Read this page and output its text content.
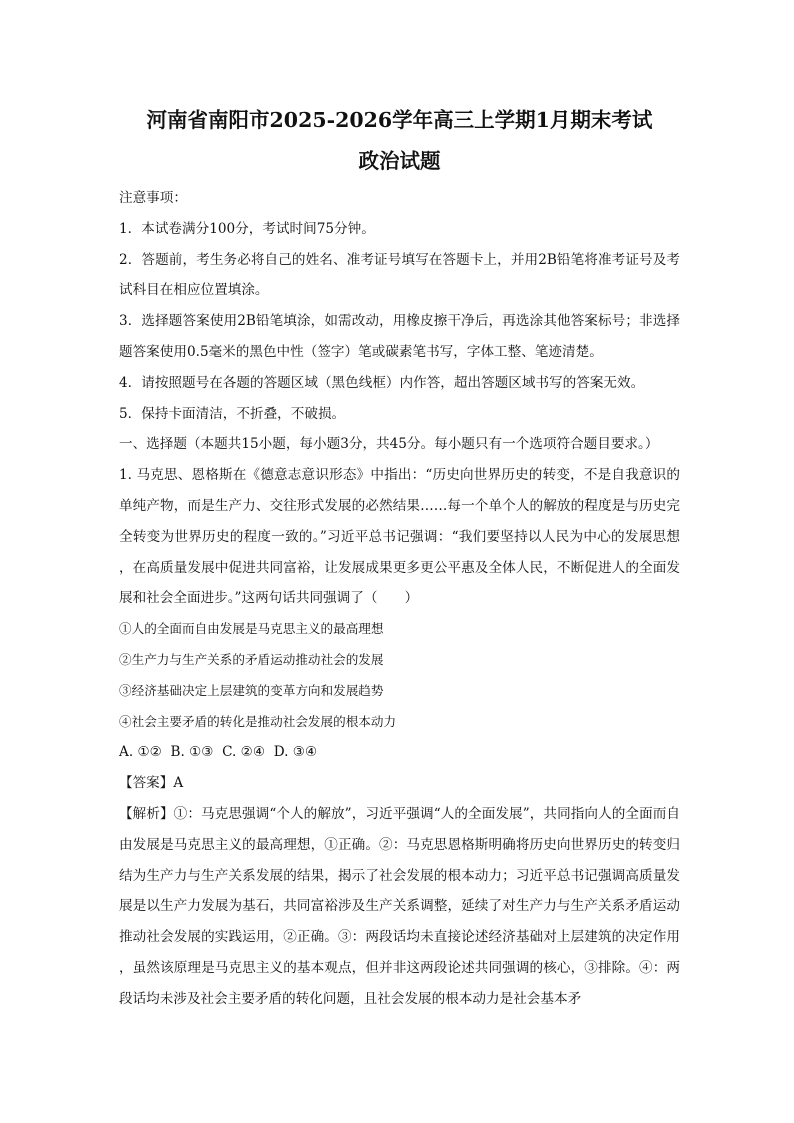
河南省南阳市2025-2026学年高三上学期1月期末考试
政治试题

注意事项：

1．本试卷满分100分，考试时间75分钟。

2．答题前，考生务必将自己的姓名、准考证号填写在答题卡上，并用2B铅笔将准考证号及考试科目在相应位置填涂。

3．选择题答案使用2B铅笔填涂，如需改动，用橡皮擦干净后，再选涂其他答案标号；非选择题答案使用0.5毫米的黑色中性（签字）笔或碳素笔书写，字体工整、笔迹清楚。

4．请按照题号在各题的答题区域（黑色线框）内作答，超出答题区域书写的答案无效。

5．保持卡面清洁，不折叠，不破损。

一、选择题（本题共15小题，每小题3分，共45分。每小题只有一个选项符合题目要求。）

1. 马克思、恩格斯在《德意志意识形态》中指出：“历史向世界历史的转变，不是自我意识的单纯产物，而是生产力、交往形式发展的必然结果……每一个单个人的解放的程度是与历史完全转变为世界历史的程度一致的。”习近平总书记强调：“我们要坚持以人民为中心的发展思想，在高质量发展中促进共同富裕，让发展成果更多更公平惠及全体人民，不断促进人的全面发展和社会全面进步。”这两句话共同强调了（　　）

①人的全面而自由发展是马克思主义的最高理想

②生产力与生产关系的矛盾运动推动社会的发展

③经济基础决定上层建筑的变革方向和发展趋势

④社会主要矛盾的转化是推动社会发展的根本动力

A. ①②  B. ①③  C. ②④  D. ③④

【答案】A

【解析】①：马克思强调“个人的解放”，习近平强调“人的全面发展”，共同指向人的全面而自由发展是马克思主义的最高理想，①正确。②：马克思恩格斯明确将历史向世界历史的转变归结为生产力与生产关系发展的结果，揭示了社会发展的根本动力；习近平总书记强调高质量发展是以生产力发展为基石，共同富裕涉及生产关系调整，延续了对生产力与生产关系矛盾运动推动社会发展的实践运用，②正确。③：两段话均未直接论述经济基础对上层建筑的决定作用，虽然该原理是马克思主义的基本观点，但并非这两段论述共同强调的核心，③排除。④：两段话均未涉及社会主要矛盾的转化问题，且社会发展的根本动力是社会基本矛
